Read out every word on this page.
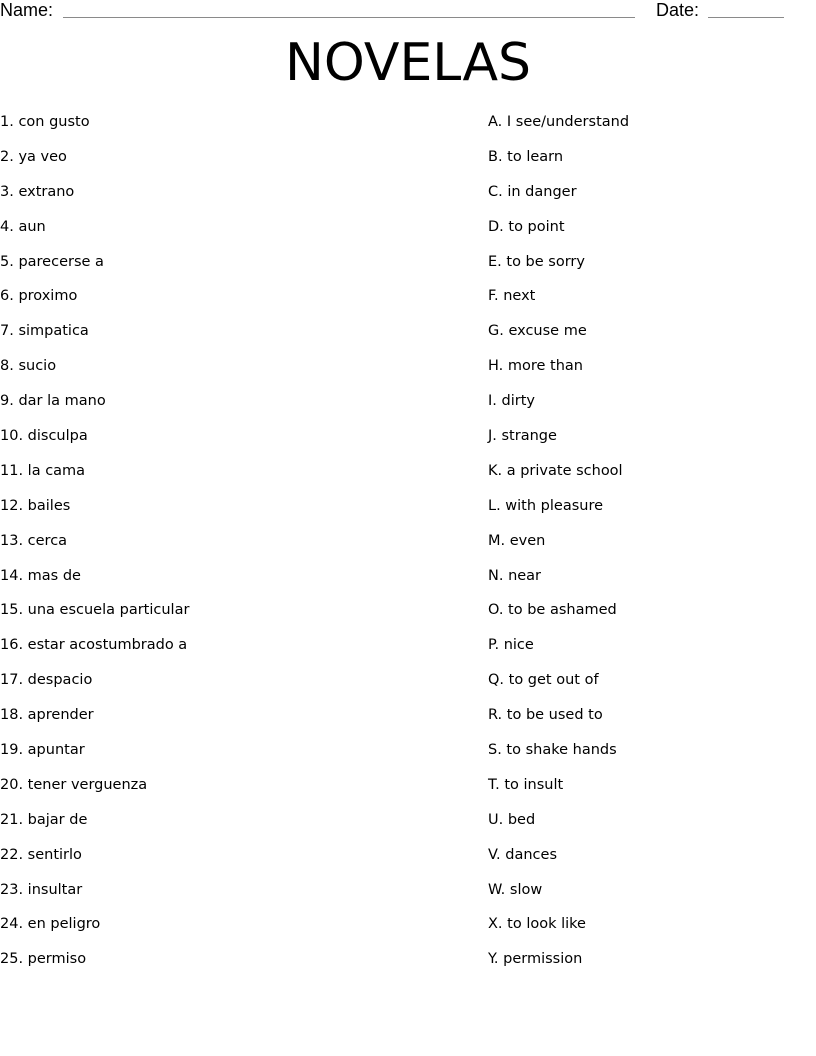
Name:	Date:
NOVELAS
1. con gusto
2. ya veo
3. extrano
4. aun
5. parecerse a
6. proximo
7. simpatica
8. sucio
9. dar la mano
10. disculpa
11. la cama
12. bailes
13. cerca
14. mas de
15. una escuela particular
16. estar acostumbrado a
17. despacio
18. aprender
19. apuntar
20. tener verguenza
21. bajar de
22. sentirlo
23. insultar
24. en peligro
25. permiso
A. I see/understand
B. to learn
C. in danger
D. to point
E. to be sorry
F. next
G. excuse me
H. more than
I. dirty
J. strange
K. a private school
L. with pleasure
M. even
N. near
O. to be ashamed
P. nice
Q. to get out of
R. to be used to
S. to shake hands
T. to insult
U. bed
V. dances
W. slow
X. to look like
Y. permission
